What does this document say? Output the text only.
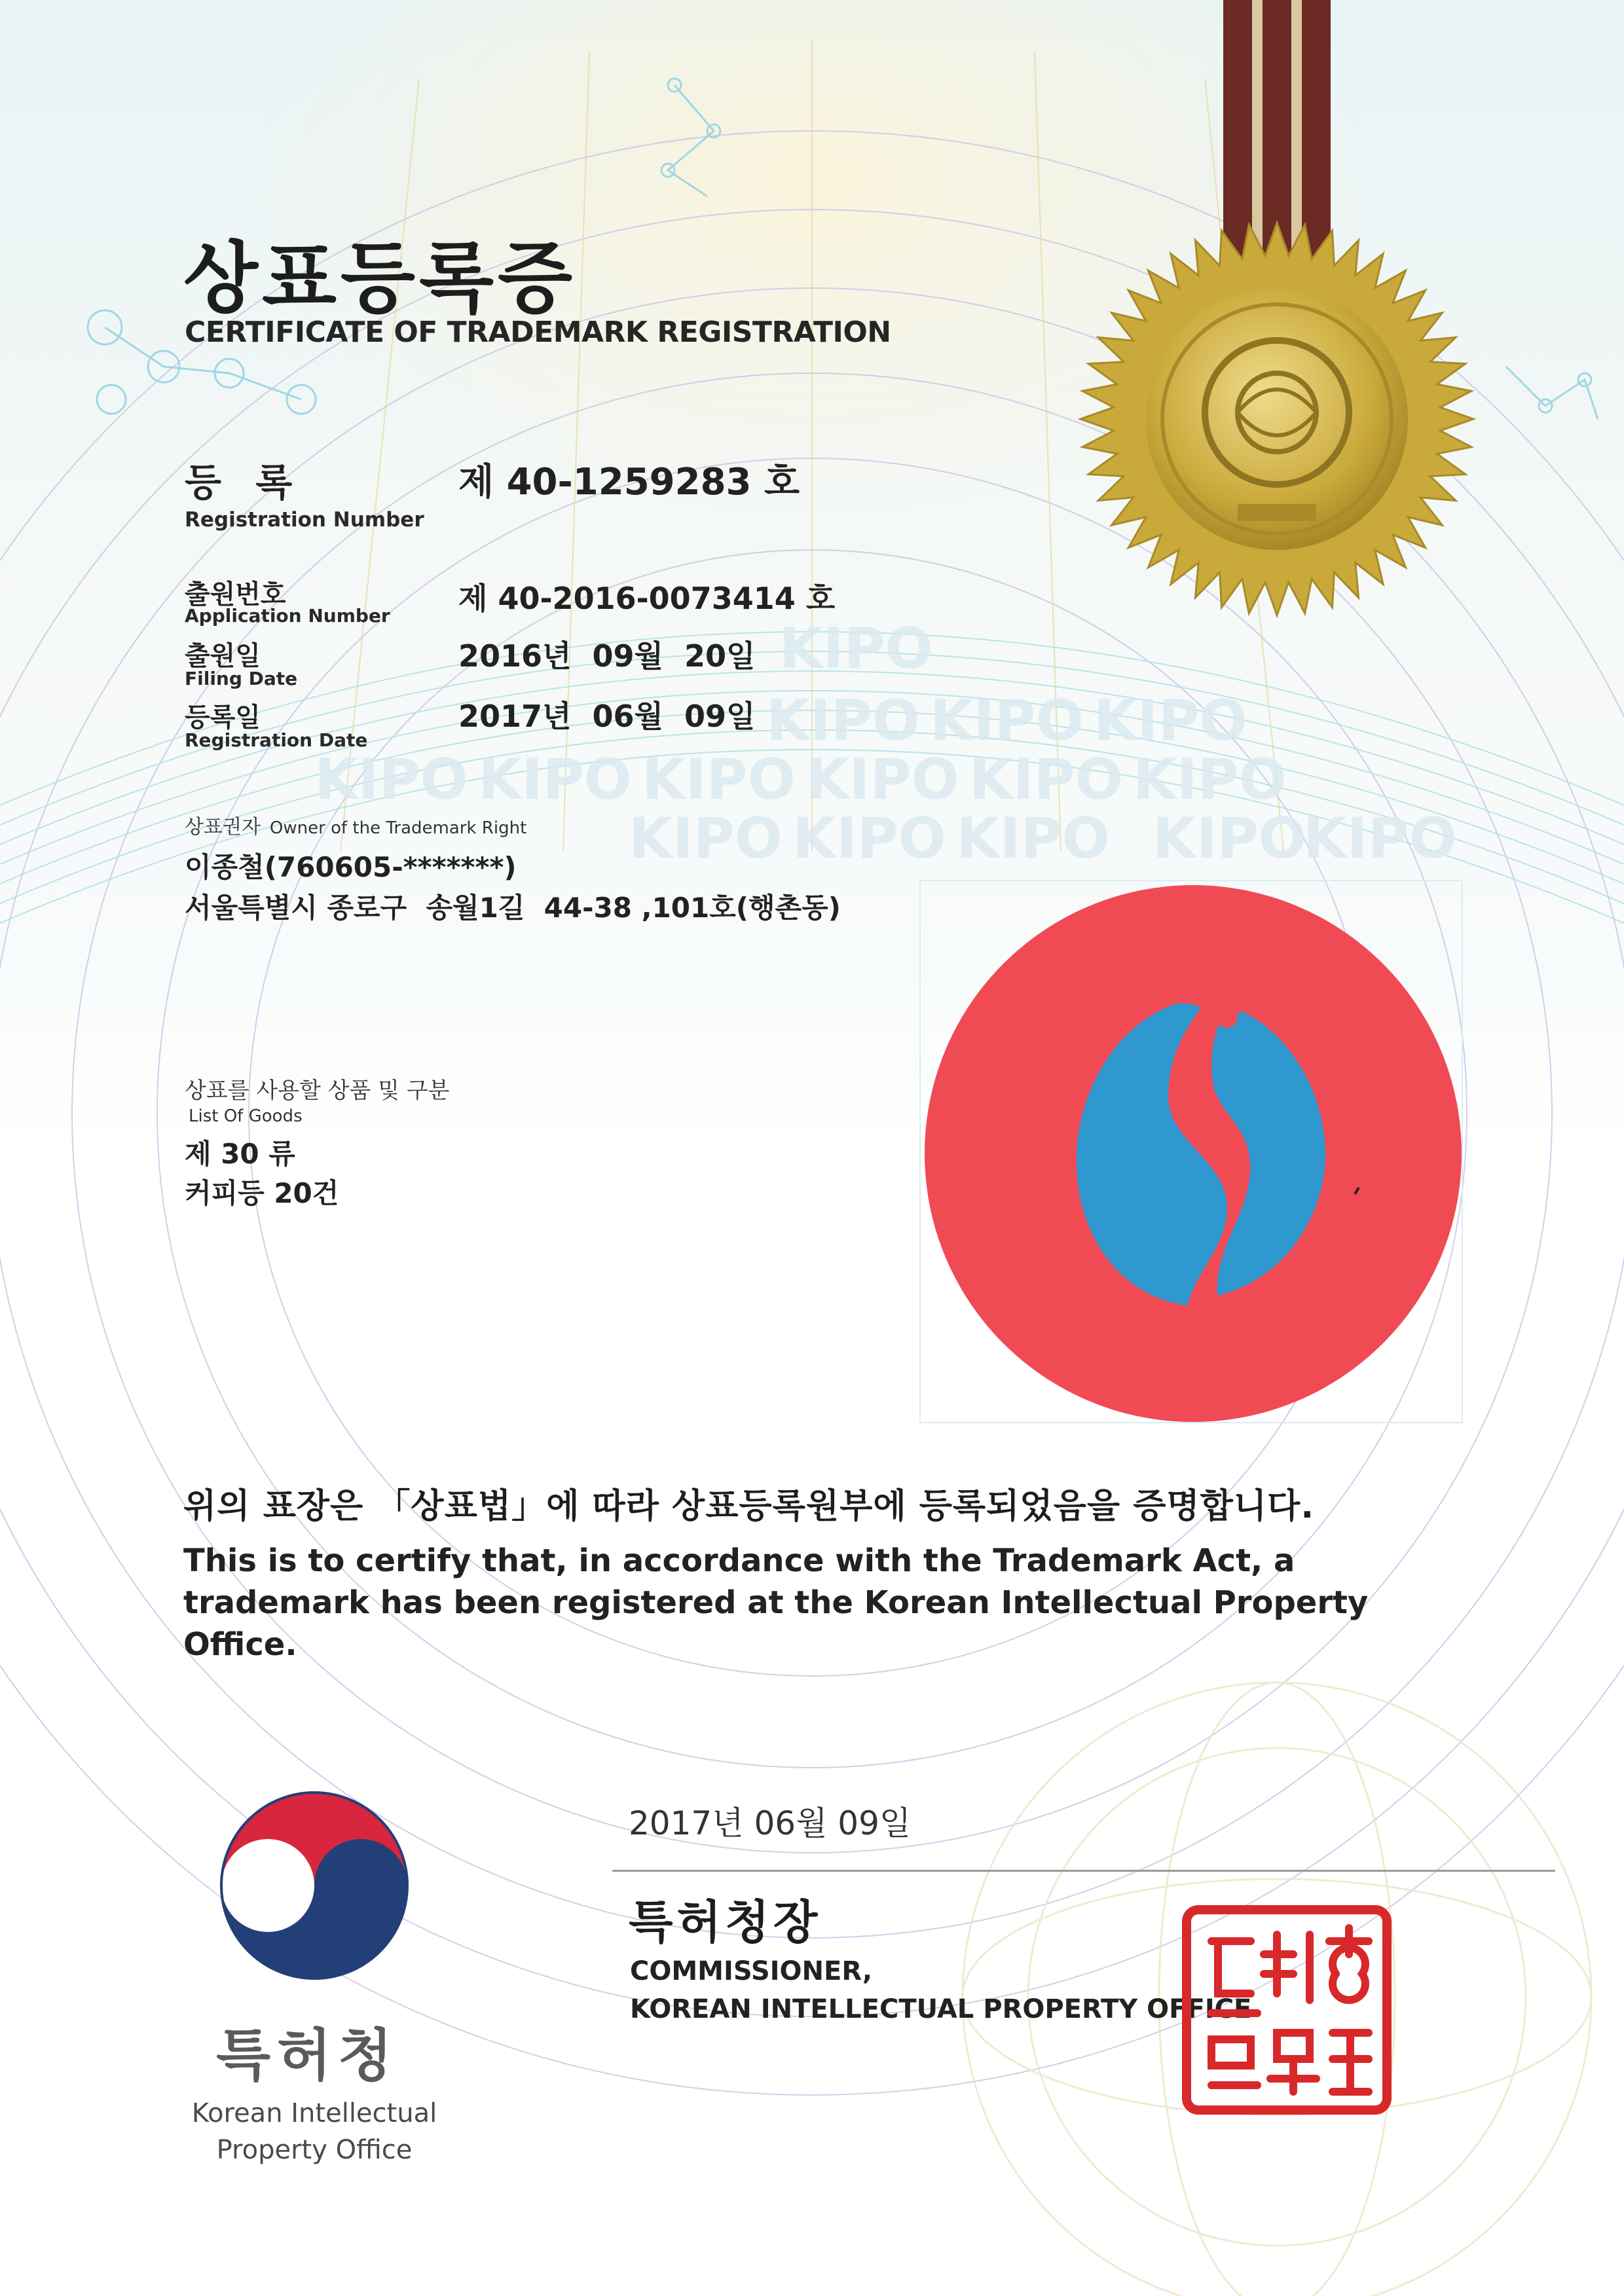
KIPO
KIPO KIPO KIPO
KIPO KIPO KIPO KIPO KIPO KIPO
KIPO KIPO KIPO KIPO
KIPO
상표등록증
CERTIFICATE OF TRADEMARK REGISTRATION
등 록
Registration Number
제 40-1259283 호
출원번호
Application Number 제 40-2016-0073414 호
출원일
Filing Date
2016년  09월  20일
등록일
Registration Date
2017년  06월  09일
상표권자 Owner of the Trademark Right
이종철(760605-*******)
서울특별시 종로구  송월1길  44-38 ,101호(행촌동)
상표를 사용할 상품 및 구분
List Of Goods
제 30 류
커피등 20건
위의 표장은 「상표법」에 따라 상표등록원부에 등록되었음을 증명합니다.
This is to certify that, in accordance with the Trademark Act, a trademark has been registered at the Korean Intellectual Property Office.
특허청
Korean Intellectual
Property Office
2017년 06월 09일
특허청장
COMMISSIONER,
KOREAN INTELLECTUAL PROPERTY OFFICE
